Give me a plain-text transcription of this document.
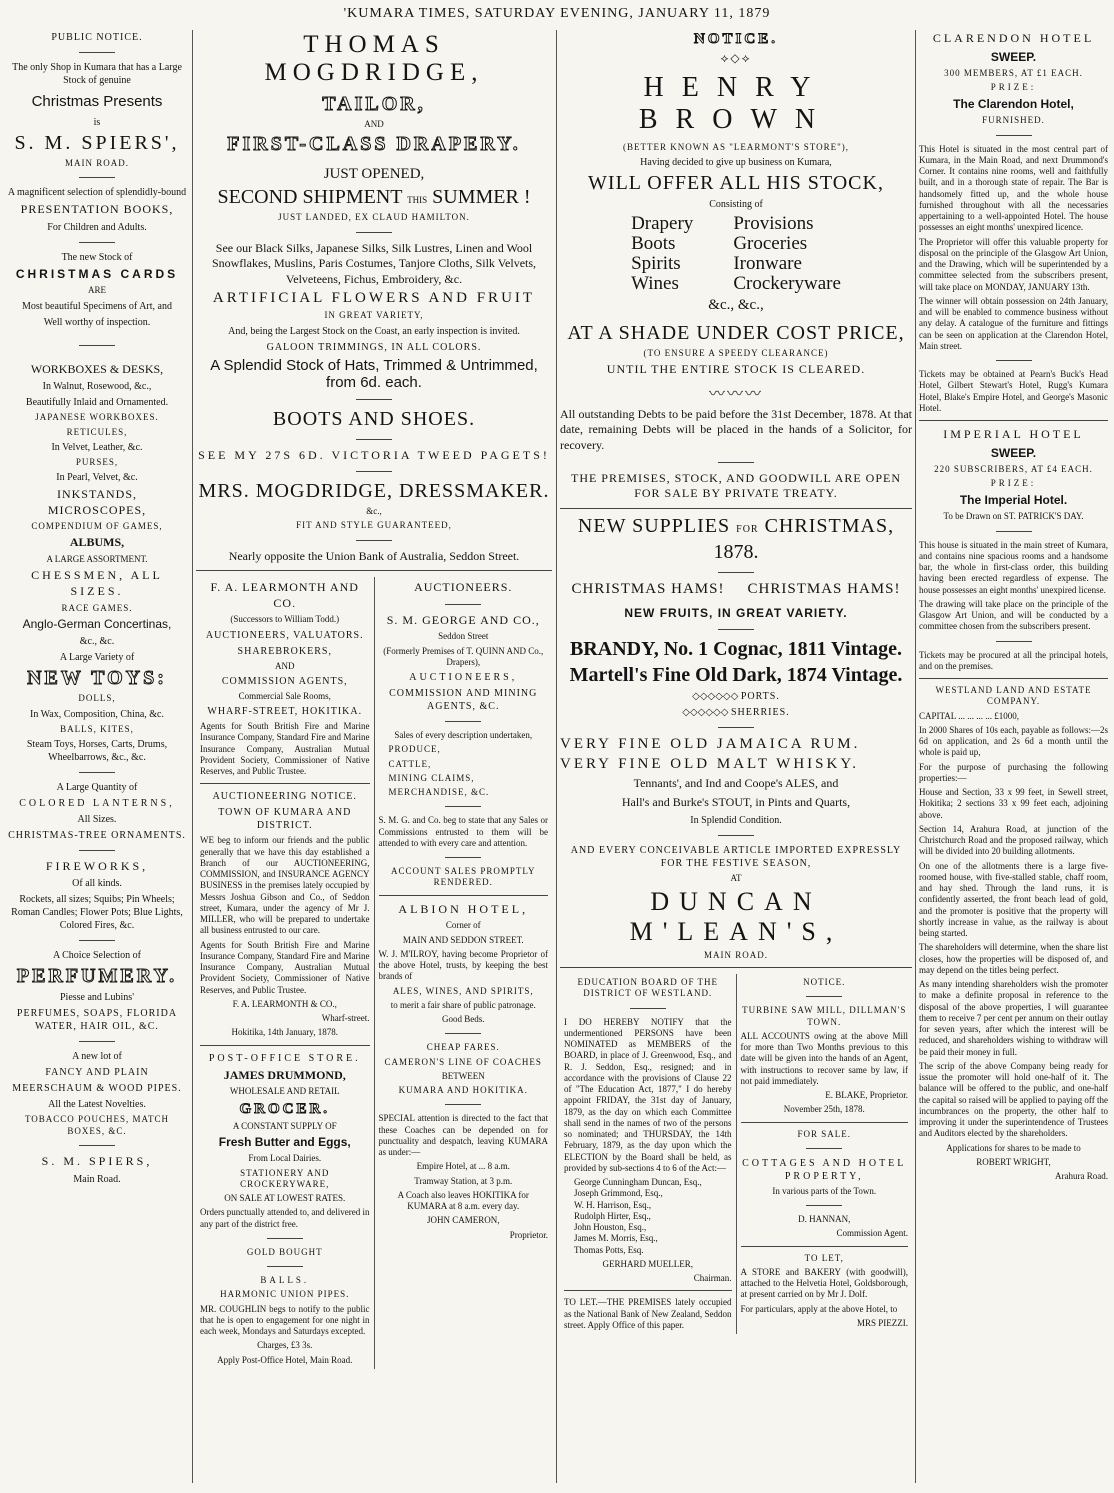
'KUMARA TIMES, SATURDAY EVENING, JANUARY 11, 1879

PUBLIC NOTICE.

The only Shop in Kumara that has a Large Stock of genuine

Christmas Presents

is

S. M. SPIERS',

MAIN ROAD.

A magnificent selection of splendidly-bound

PRESENTATION BOOKS,

For Children and Adults.

The new Stock of

CHRISTMAS CARDS

ARE

Most beautiful Specimens of Art, and

Well worthy of inspection.

WORKBOXES & DESKS,

In Walnut, Rosewood, &c.,

Beautifully Inlaid and Ornamented.

JAPANESE WORKBOXES.

RETICULES,

In Velvet, Leather, &c.

PURSES,

In Pearl, Velvet, &c.

INKSTANDS, MICROSCOPES,

COMPENDIUM OF GAMES,

ALBUMS,

A LARGE ASSORTMENT.

CHESSMEN, ALL SIZES.

RACE GAMES.

Anglo-German Concertinas,

&c., &c.

A Large Variety of

NEW TOYS:

DOLLS,

In Wax, Composition, China, &c.

BALLS, KITES,

Steam Toys, Horses, Carts, Drums, Wheelbarrows, &c., &c.

A Large Quantity of

COLORED LANTERNS,

All Sizes.

CHRISTMAS-TREE ORNAMENTS.

FIREWORKS,

Of all kinds.

Rockets, all sizes; Squibs; Pin Wheels; Roman Candles; Flower Pots; Blue Lights, Colored Fires, &c.

A Choice Selection of

PERFUMERY.

Piesse and Lubins'

PERFUMES, SOAPS, FLORIDA WATER, HAIR OIL, &C.

A new lot of

FANCY AND PLAIN

MEERSCHAUM & WOOD PIPES.

All the Latest Novelties.

TOBACCO POUCHES, MATCH BOXES, &C.

S. M. SPIERS,

Main Road.

THOMAS MOGDRIDGE,

TAILOR,

AND

FIRST-CLASS DRAPERY.

JUST OPENED,

SECOND SHIPMENT THIS SUMMER !

JUST LANDED, EX CLAUD HAMILTON.

See our Black Silks, Japanese Silks, Silk Lustres, Linen and Wool Snowflakes, Muslins, Paris Costumes, Tanjore Cloths, Silk Velvets, Velveteens, Fichus, Embroidery, &c.

ARTIFICIAL FLOWERS AND FRUIT

IN GREAT VARIETY,

And, being the Largest Stock on the Coast, an early inspection is invited.

GALOON TRIMMINGS, IN ALL COLORS.

A Splendid Stock of Hats, Trimmed & Untrimmed, from 6d. each.

BOOTS AND SHOES.

SEE MY 27S 6D. VICTORIA TWEED PAGETS!

MRS. MOGDRIDGE, DRESSMAKER.

&c.,

FIT AND STYLE GUARANTEED,

Nearly opposite the Union Bank of Australia, Seddon Street.

F. A. LEARMONTH AND CO.

(Successors to William Todd.)

AUCTIONEERS, VALUATORS.

SHAREBROKERS,

AND

COMMISSION AGENTS,

Commercial Sale Rooms,

WHARF-STREET, HOKITIKA.

Agents for South British Fire and Marine Insurance Company, Standard Fire and Marine Insurance Company, Australian Mutual Provident Society, Commissioner of Native Reserves, and Public Trustee.

AUCTIONEERING NOTICE.

TOWN OF KUMARA AND DISTRICT.

WE beg to inform our friends and the public generally that we have this day established a Branch of our AUCTIONEERING, COMMISSION, and INSURANCE AGENCY BUSINESS in the premises lately occupied by Messrs Joshua Gibson and Co., of Seddon street, Kumara, under the agency of Mr J. MILLER, who will be prepared to undertake all business entrusted to our care.

Agents for South British Fire and Marine Insurance Company, Standard Fire and Marine Insurance Company, Australian Mutual Provident Society, Commissioner of Native Reserves, and Public Trustee.

F. A. LEARMONTH & CO.,

Wharf-street.

Hokitika, 14th January, 1878.

POST-OFFICE STORE.

JAMES DRUMMOND,

WHOLESALE AND RETAIL

GROCER.

A CONSTANT SUPPLY OF

Fresh Butter and Eggs,

From Local Dairies.

STATIONERY AND CROCKERYWARE,

ON SALE AT LOWEST RATES.

Orders punctually attended to, and delivered in any part of the district free.

GOLD BOUGHT

BALLS.

HARMONIC UNION PIPES.

MR. COUGHLIN begs to notify to the public that he is open to engagement for one night in each week, Mondays and Saturdays excepted.

Charges, £3 3s.

Apply Post-Office Hotel, Main Road.

AUCTIONEERS.

S. M. GEORGE AND CO.,

Seddon Street

(Formerly Premises of T. QUINN AND Co., Drapers),

AUCTIONEERS,

COMMISSION AND MINING AGENTS, &C.

Sales of every description undertaken,

PRODUCE,

CATTLE,

MINING CLAIMS,

MERCHANDISE, &C.

S. M. G. and Co. beg to state that any Sales or Commissions entrusted to them will be attended to with every care and attention.

ACCOUNT SALES PROMPTLY RENDERED.

ALBION HOTEL,

Corner of

MAIN AND SEDDON STREET.

W. J. M'ILROY, having become Proprietor of the above Hotel, trusts, by keeping the best brands of

ALES, WINES, AND SPIRITS,

to merit a fair share of public patronage.

Good Beds.

CHEAP FARES.

CAMERON'S LINE OF COACHES

BETWEEN

KUMARA AND HOKITIKA.

SPECIAL attention is directed to the fact that these Coaches can be depended on for punctuality and despatch, leaving KUMARA as under:—

Empire Hotel, at ... 8 a.m.

Tramway Station, at 3 p.m.

A Coach also leaves HOKITIKA for KUMARA at 8 a.m. every day.

JOHN CAMERON,

Proprietor.

NOTICE.

⟡◇⟡

HENRY BROWN

(BETTER KNOWN AS "LEARMONT'S STORE"),

Having decided to give up business on Kumara,

WILL OFFER ALL HIS STOCK,

Consisting of

Drapery
Boots
Spirits
Wines
Provisions
Groceries
Ironware
Crockeryware

&c., &c.,

AT A SHADE UNDER COST PRICE,

(TO ENSURE A SPEEDY CLEARANCE)

UNTIL THE ENTIRE STOCK IS CLEARED.

〰〰〰

All outstanding Debts to be paid before the 31st December, 1878. At that date, remaining Debts will be placed in the hands of a Solicitor, for recovery.

THE PREMISES, STOCK, AND GOODWILL ARE OPEN FOR SALE BY PRIVATE TREATY.

NEW SUPPLIES FOR CHRISTMAS,

1878.

CHRISTMAS HAMS! CHRISTMAS HAMS!

NEW FRUITS, IN GREAT VARIETY.

BRANDY, No. 1 Cognac, 1811 Vintage.

Martell's Fine Old Dark, 1874 Vintage.

◇◇◇◇◇◇ PORTS.

◇◇◇◇◇◇ SHERRIES.

VERY FINE OLD JAMAICA RUM.

VERY FINE OLD MALT WHISKY.

Tennants', and Ind and Coope's ALES, and

Hall's and Burke's STOUT, in Pints and Quarts,

In Splendid Condition.

AND EVERY CONCEIVABLE ARTICLE IMPORTED EXPRESSLY FOR THE FESTIVE SEASON,

AT

DUNCAN M'LEAN'S,

MAIN ROAD.

EDUCATION BOARD OF THE DISTRICT OF WESTLAND.

I DO HEREBY NOTIFY that the undermentioned PERSONS have been NOMINATED as MEMBERS of the BOARD, in place of J. Greenwood, Esq., and R. J. Seddon, Esq., resigned; and in accordance with the provisions of Clause 22 of "The Education Act, 1877," I do hereby appoint FRIDAY, the 31st day of January, 1879, as the day on which each Committee shall send in the names of two of the persons so nominated; and THURSDAY, the 14th February, 1879, as the day upon which the ELECTION by the Board shall be held, as provided by sub-sections 4 to 6 of the Act:—

George Cunningham Duncan, Esq.,
Joseph Grimmond, Esq.,
W. H. Harrison, Esq.,
Rudolph Hirter, Esq.,
John Houston, Esq.,
James M. Morris, Esq.,
Thomas Potts, Esq.

GERHARD MUELLER,

Chairman.

TO LET.—THE PREMISES lately occupied as the National Bank of New Zealand, Seddon street. Apply Office of this paper.

NOTICE.

TURBINE SAW MILL, DILLMAN'S TOWN.

ALL ACCOUNTS owing at the above Mill for more than Two Months previous to this date will be given into the hands of an Agent, with instructions to recover same by law, if not paid immediately.

E. BLAKE, Proprietor.

November 25th, 1878.

FOR SALE.

COTTAGES AND HOTEL PROPERTY,

In various parts of the Town.

D. HANNAN,

Commission Agent.

TO LET,

A STORE and BAKERY (with goodwill), attached to the Helvetia Hotel, Goldsborough, at present carried on by Mr J. Dolf.

For particulars, apply at the above Hotel, to

MRS PIEZZI.

CLARENDON HOTEL

SWEEP.

300 MEMBERS, AT £1 EACH.

PRIZE:

The Clarendon Hotel,

FURNISHED.

This Hotel is situated in the most central part of Kumara, in the Main Road, and next Drummond's Corner. It contains nine rooms, well and faithfully built, and in a thorough state of repair. The Bar is handsomely fitted up, and the whole house furnished throughout with all the necessaries appertaining to a well-appointed Hotel. The house possesses an eight months' unexpired licence.

The Proprietor will offer this valuable property for disposal on the principle of the Glasgow Art Union, and the Drawing, which will be superintended by a committee selected from the subscribers present, will take place on MONDAY, JANUARY 13th.

The winner will obtain possession on 24th January, and will be enabled to commence business without any delay. A catalogue of the furniture and fittings can be seen on application at the Clarendon Hotel, Main street.

Tickets may be obtained at Pearn's Buck's Head Hotel, Gilbert Stewart's Hotel, Rugg's Kumara Hotel, Blake's Empire Hotel, and George's Masonic Hotel.

IMPERIAL HOTEL

SWEEP.

220 SUBSCRIBERS, AT £4 EACH.

PRIZE:

The Imperial Hotel.

To be Drawn on ST. PATRICK'S DAY.

This house is situated in the main street of Kumara, and contains nine spacious rooms and a handsome bar, the whole in first-class order, this building having been erected regardless of expense. The house possesses an eight months' unexpired license.

The drawing will take place on the principle of the Glasgow Art Union, and will be conducted by a committee chosen from the subscribers present.

Tickets may be procured at all the principal hotels, and on the premises.

WESTLAND LAND AND ESTATE COMPANY.

CAPITAL ... ... ... ... £1000,

In 2000 Shares of 10s each, payable as follows:—2s 6d on application, and 2s 6d a month until the whole is paid up,

For the purpose of purchasing the following properties:—

House and Section, 33 x 99 feet, in Sewell street, Hokitika; 2 sections 33 x 99 feet each, adjoining above.

Section 14, Arahura Road, at junction of the Christchurch Road and the proposed railway, which will be divided into 20 building allotments.

On one of the allotments there is a large five-roomed house, with five-stalled stable, chaff room, and hay shed. Through the land runs, it is confidently asserted, the front beach lead of gold, and the promoter is positive that the property will shortly increase in value, as the railway is about being started.

The shareholders will determine, when the share list closes, how the properties will be disposed of, and may depend on the titles being perfect.

As many intending shareholders wish the promoter to make a definite proposal in reference to the disposal of the above properties, I will guarantee them to receive 7 per cent per annum on their outlay for seven years, after which the interest will be reduced, and shareholders wishing to withdraw will be paid their money in full.

The scrip of the above Company being ready for issue the promoter will hold one-half of it. The balance will be offered to the public, and one-half the capital so raised will be applied to paying off the incumbrances on the property, the other half to improving it under the superintendence of Trustees and Auditors elected by the shareholders.

Applications for shares to be made to

ROBERT WRIGHT,

Arahura Road.
